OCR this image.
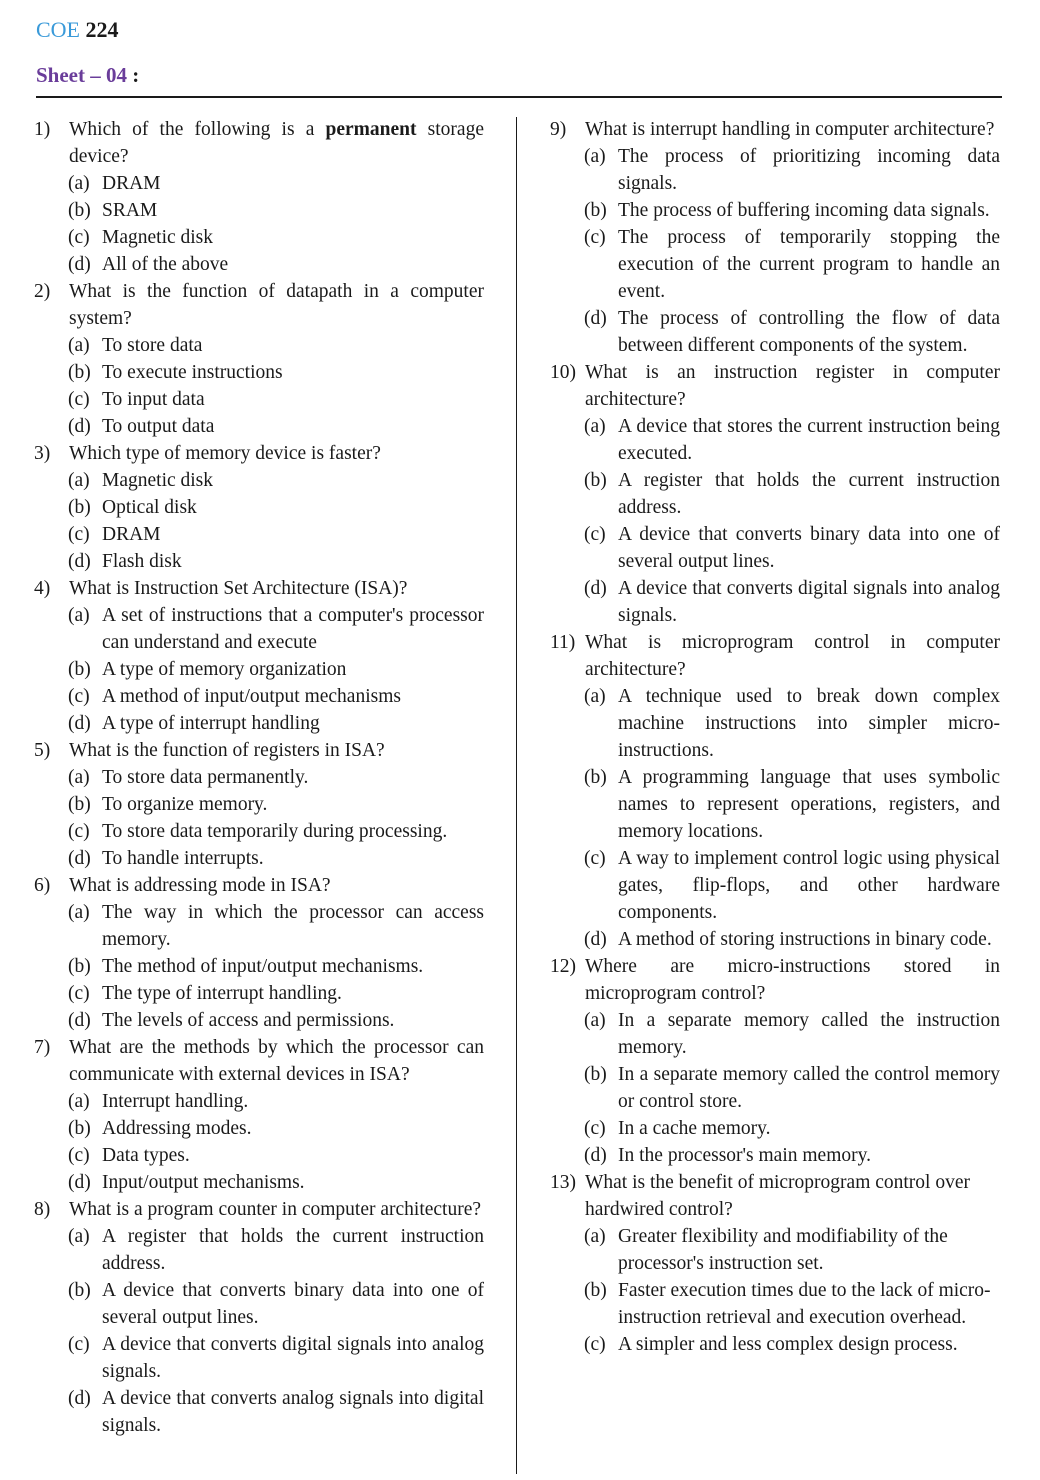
COE 224
Sheet – 04 :
1) Which of the following is a permanent storage device?
(a) DRAM
(b) SRAM
(c) Magnetic disk
(d) All of the above
2) What is the function of datapath in a computer system?
(a) To store data
(b) To execute instructions
(c) To input data
(d) To output data
3) Which type of memory device is faster?
(a) Magnetic disk
(b) Optical disk
(c) DRAM
(d) Flash disk
4) What is Instruction Set Architecture (ISA)?
(a) A set of instructions that a computer's processor can understand and execute
(b) A type of memory organization
(c) A method of input/output mechanisms
(d) A type of interrupt handling
5) What is the function of registers in ISA?
(a) To store data permanently.
(b) To organize memory.
(c) To store data temporarily during processing.
(d) To handle interrupts.
6) What is addressing mode in ISA?
(a) The way in which the processor can access memory.
(b) The method of input/output mechanisms.
(c) The type of interrupt handling.
(d) The levels of access and permissions.
7) What are the methods by which the processor can communicate with external devices in ISA?
(a) Interrupt handling.
(b) Addressing modes.
(c) Data types.
(d) Input/output mechanisms.
8) What is a program counter in computer architecture?
(a) A register that holds the current instruction address.
(b) A device that converts binary data into one of several output lines.
(c) A device that converts digital signals into analog signals.
(d) A device that converts analog signals into digital signals.
9) What is interrupt handling in computer architecture?
(a) The process of prioritizing incoming data signals.
(b) The process of buffering incoming data signals.
(c) The process of temporarily stopping the execution of the current program to handle an event.
(d) The process of controlling the flow of data between different components of the system.
10) What is an instruction register in computer architecture?
(a) A device that stores the current instruction being executed.
(b) A register that holds the current instruction address.
(c) A device that converts binary data into one of several output lines.
(d) A device that converts digital signals into analog signals.
11) What is microprogram control in computer architecture?
(a) A technique used to break down complex machine instructions into simpler micro-instructions.
(b) A programming language that uses symbolic names to represent operations, registers, and memory locations.
(c) A way to implement control logic using physical gates, flip-flops, and other hardware components.
(d) A method of storing instructions in binary code.
12) Where are micro-instructions stored in microprogram control?
(a) In a separate memory called the instruction memory.
(b) In a separate memory called the control memory or control store.
(c) In a cache memory.
(d) In the processor's main memory.
13) What is the benefit of microprogram control over hardwired control?
(a) Greater flexibility and modifiability of the processor's instruction set.
(b) Faster execution times due to the lack of micro-instruction retrieval and execution overhead.
(c) A simpler and less complex design process.
